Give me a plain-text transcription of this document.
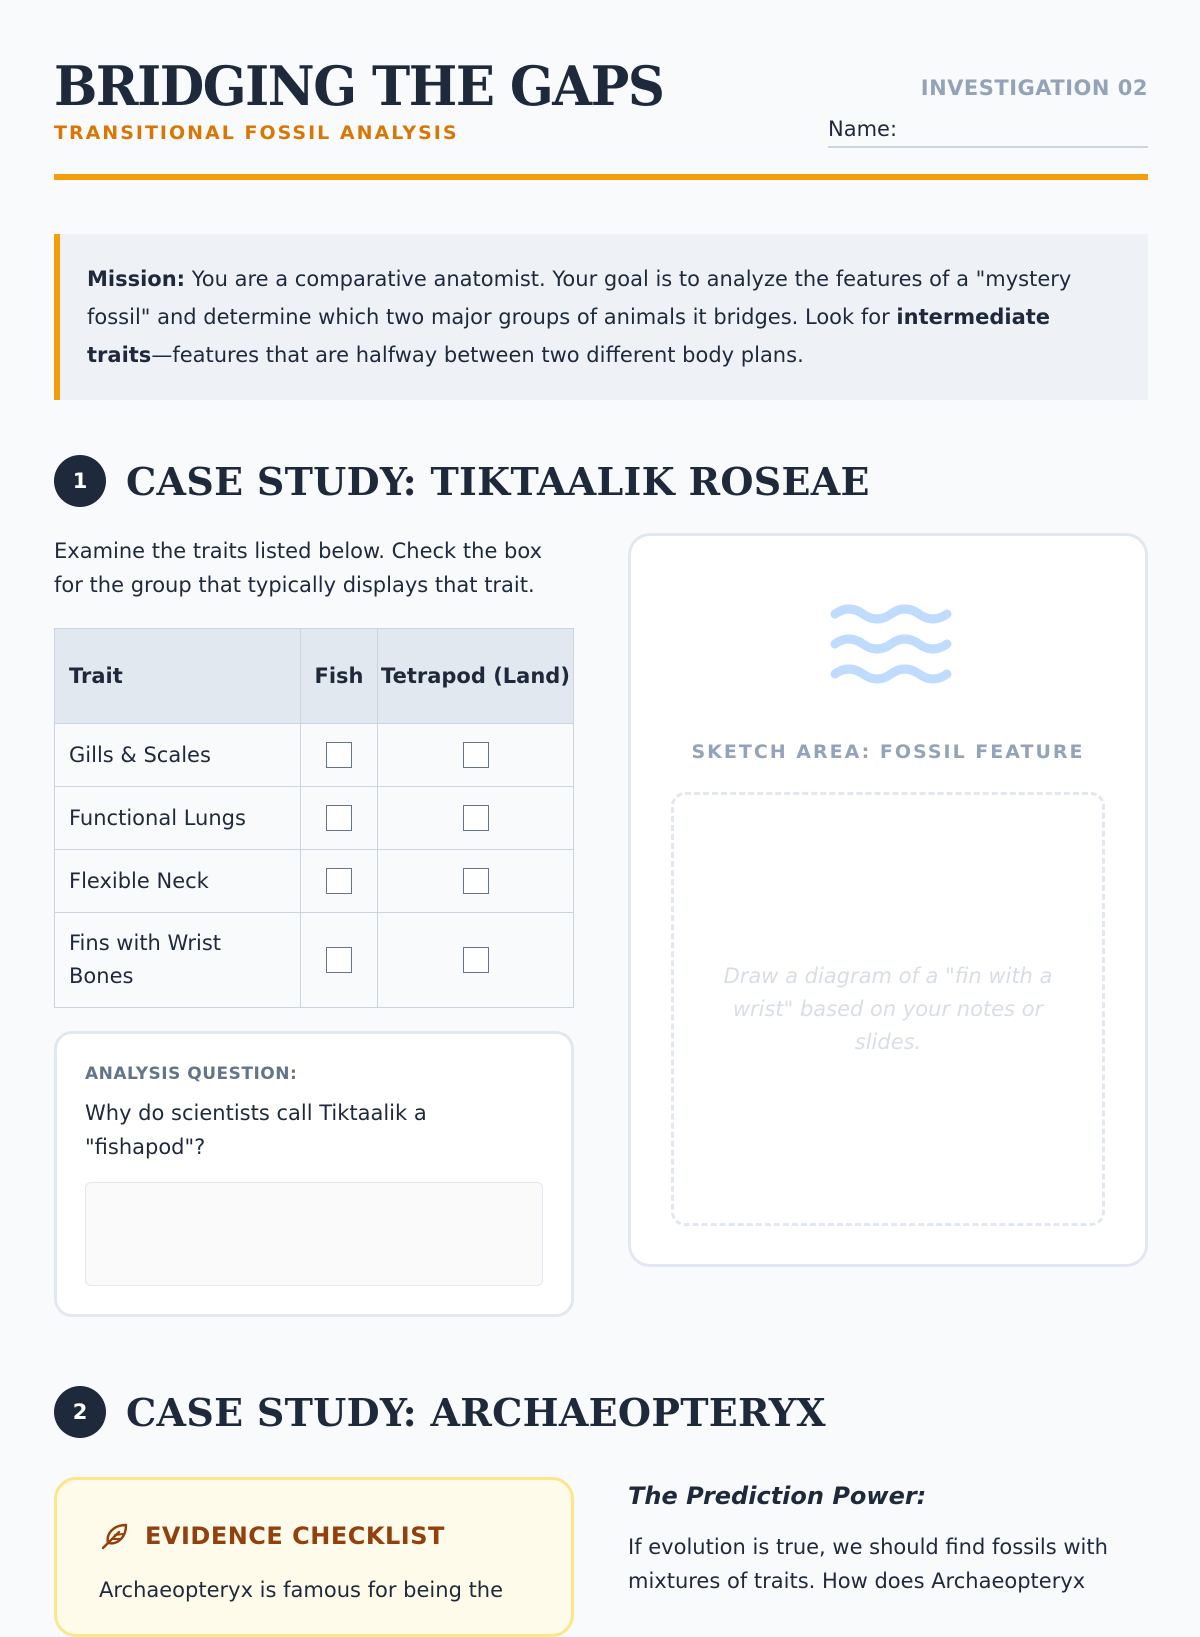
BRIDGING THE GAPS
TRANSITIONAL FOSSIL ANALYSIS
INVESTIGATION 02
Name:
Mission: You are a comparative anatomist. Your goal is to analyze the features of a "mystery fossil" and determine which two major groups of animals it bridges. Look for intermediate traits—features that are halfway between two different body plans.
1	CASE STUDY: TIKTAALIK ROSEAE
Examine the traits listed below. Check the box for the group that typically displays that trait.
Trait	Fish	Tetrapod (Land)
Gills & Scales		
Functional Lungs		
Flexible Neck		
Fins with Wrist Bones		
ANALYSIS QUESTION:
Why do scientists call Tiktaalik a "fishapod"?
SKETCH AREA: FOSSIL FEATURE
Draw a diagram of a "fin with a wrist" based on your notes or slides.
2	CASE STUDY: ARCHAEOPTERYX
EVIDENCE CHECKLIST
Archaeopteryx is famous for being the
The Prediction Power:
If evolution is true, we should find fossils with mixtures of traits. How does Archaeopteryx
